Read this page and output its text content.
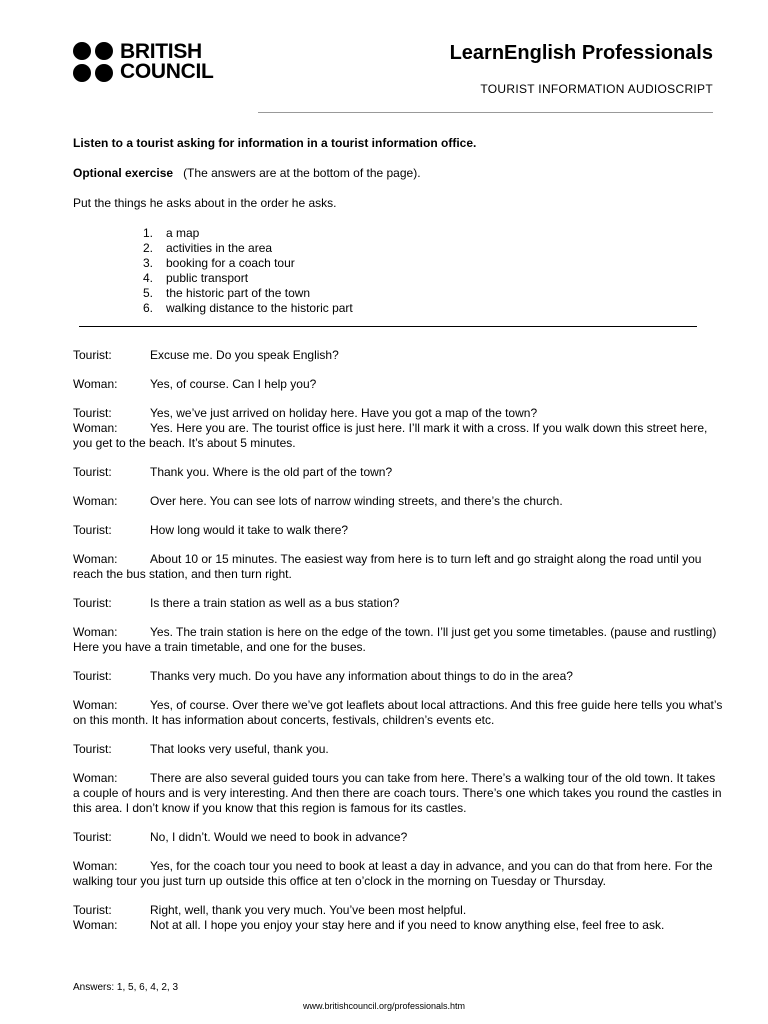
BRITISH
COUNCIL
LearnEnglish Professionals
TOURIST INFORMATION AUDIOSCRIPT

Listen to a tourist asking for information in a tourist information office.

Optional exercise (The answers are at the bottom of the page).

Put the things he asks about in the order he asks.

1.	a map
2.	activities in the area
3.	booking for a coach tour
4.	public transport
5.	the historic part of the town
6.	walking distance to the historic part
Tourist:	Excuse me. Do you speak English?
Woman:	Yes, of course. Can I help you?
Tourist:	Yes, we’ve just arrived on holiday here. Have you got a map of the town?
Woman:	Yes. Here you are. The tourist office is just here. I’ll mark it with a cross. If you walk down this street here, you get to the beach. It’s about 5 minutes.
Tourist:	Thank you. Where is the old part of the town?
Woman:	Over here. You can see lots of narrow winding streets, and there’s the church.
Tourist:	How long would it take to walk there?
Woman:	About 10 or 15 minutes. The easiest way from here is to turn left and go straight along the road until you reach the bus station, and then turn right.
Tourist:	Is there a train station as well as a bus station?
Woman:	Yes. The train station is here on the edge of the town. I’ll just get you some timetables. (pause and rustling) Here you have a train timetable, and one for the buses.
Tourist:	Thanks very much. Do you have any information about things to do in the area?
Woman:	Yes, of course. Over there we’ve got leaflets about local attractions. And this free guide here tells you what’s on this month. It has information about concerts, festivals, children’s events etc.
Tourist:	That looks very useful, thank you.
Woman:	There are also several guided tours you can take from here. There’s a walking tour of the old town. It takes a couple of hours and is very interesting. And then there are coach tours. There’s one which takes you round the castles in this area. I don’t know if you know that this region is famous for its castles.
Tourist:	No, I didn’t. Would we need to book in advance?
Woman:	Yes, for the coach tour you need to book at least a day in advance, and you can do that from here. For the walking tour you just turn up outside this office at ten o’clock in the morning on Tuesday or Thursday.
Tourist:	Right, well, thank you very much. You’ve been most helpful.
Woman:	Not at all. I hope you enjoy your stay here and if you need to know anything else, feel free to ask.
Answers: 1, 5, 6, 4, 2, 3
www.britishcouncil.org/professionals.htm
